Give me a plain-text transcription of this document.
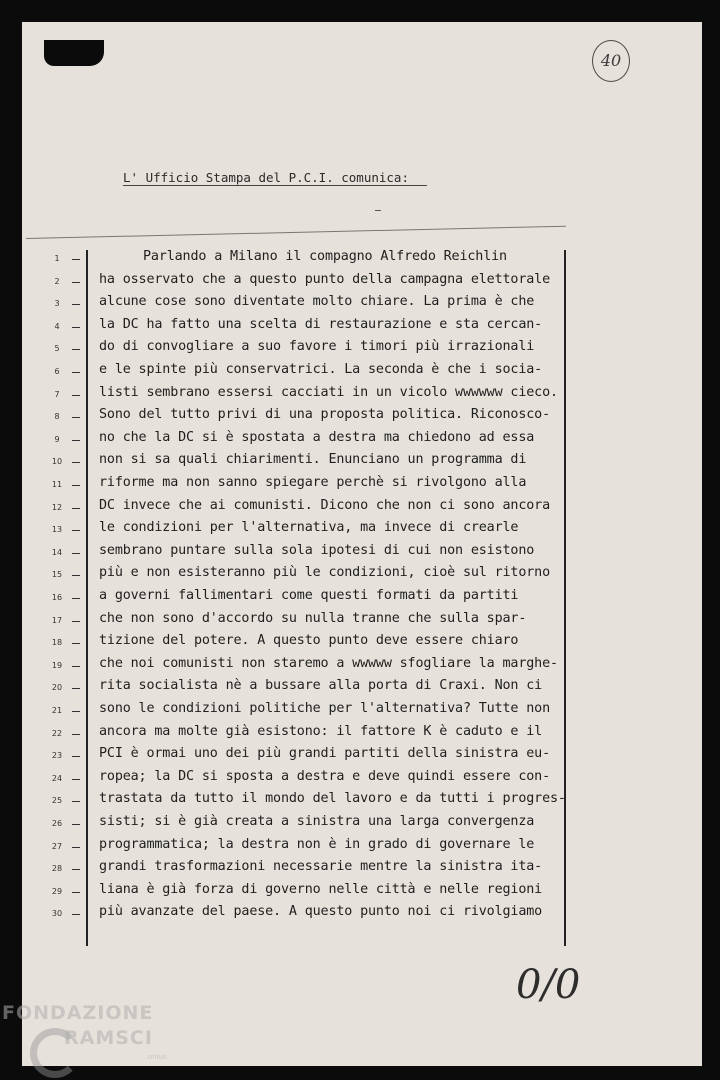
40
L' Ufficio Stampa del P.C.I. comunica:
1
2
3
4
5
6
7
8
9
10
11
12
13
14
15
16
17
18
19
20
21
22
23
24
25
26
27
28
29
30
Parlando a Milano il compagno Alfredo Reichlin
ha osservato che a questo punto della campagna elettorale
alcune cose sono diventate molto chiare. La prima è che
la DC ha fatto una scelta di restaurazione e sta cercan-
do di convogliare a suo favore i timori più irrazionali
e le spinte più conservatrici. La seconda è che i socia-
listi sembrano essersi cacciati in un vicolo wwwwww cieco.
Sono del tutto privi di una proposta politica. Riconosco-
no che la DC si è spostata a destra ma chiedono ad essa
non si sa quali chiarimenti. Enunciano un programma di
riforme ma non sanno spiegare perchè si rivolgono alla
DC invece che ai comunisti. Dicono che non ci sono ancora
le condizioni per l'alternativa, ma invece di crearle
sembrano puntare sulla sola ipotesi di cui non esistono
più e non esisteranno più le condizioni, cioè sul ritorno
a governi fallimentari come questi formati da partiti
che non sono d'accordo su nulla tranne che sulla spar-
tizione del potere. A questo punto deve essere chiaro
che noi comunisti non staremo a wwwww sfogliare la marghe-
rita socialista nè a bussare alla porta di Craxi. Non ci
sono le condizioni politiche per l'alternativa? Tutte non
ancora ma molte già esistono: il fattore K è caduto e il
PCI è ormai uno dei più grandi partiti della sinistra eu-
ropea; la DC si sposta a destra e deve quindi essere con-
trastata da tutto il mondo del lavoro e da tutti i progres-
sisti; si è già creata a sinistra una larga convergenza
programmatica; la destra non è in grado di governare le
grandi trasformazioni necessarie mentre la sinistra ita-
liana è già forza di governo nelle città e nelle regioni
più avanzate del paese. A questo punto noi ci rivolgiamo
0/0
FONDAZIONE
RAMSCI
onlus
